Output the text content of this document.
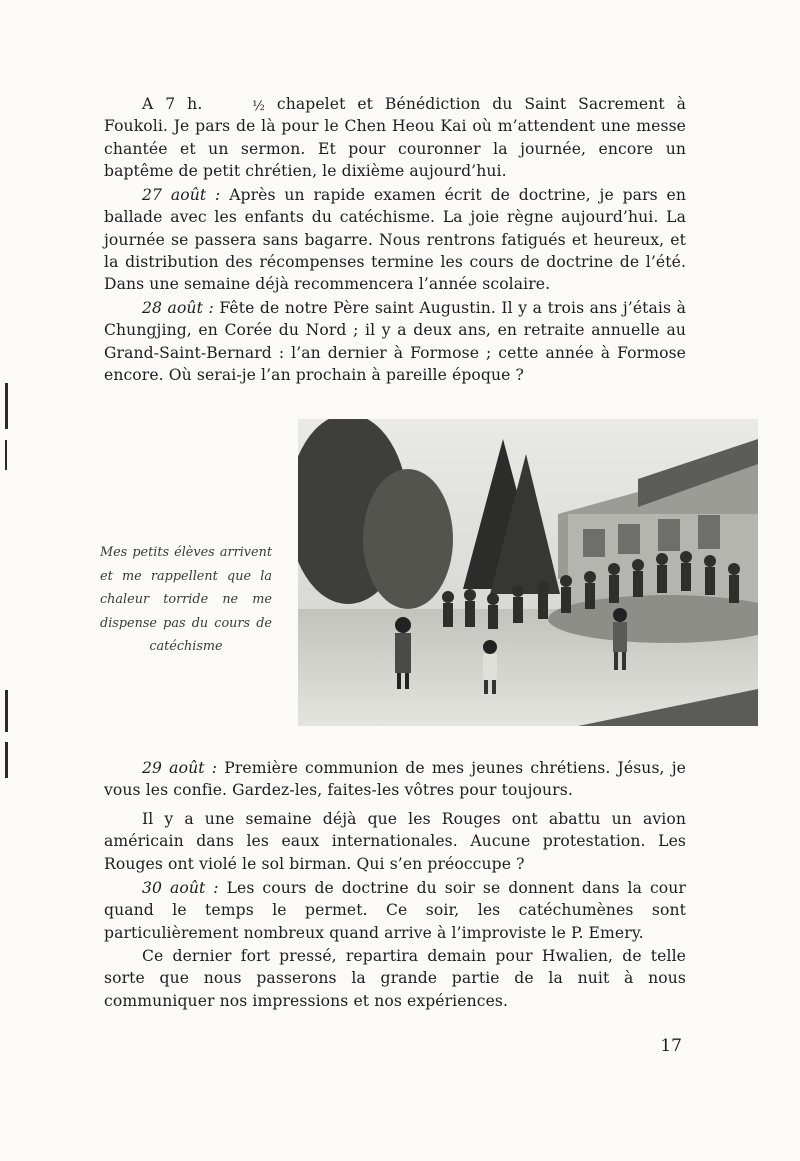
A 7 h.	½ chapelet et Bénédiction du Saint Sacrement à Foukoli. Je pars de là pour le Chen Heou Kai où m’attendent une messe chantée et un sermon. Et pour couronner la journée, encore un baptême de petit chrétien, le dixième aujourd’hui.

27 août : Après un rapide examen écrit de doctrine, je pars en ballade avec les enfants du catéchisme. La joie règne aujourd’hui. La journée se passera sans bagarre. Nous rentrons fatigués et heureux, et la distribution des récompenses termine les cours de doctrine de l’été. Dans une semaine déjà recommencera l’année scolaire.

28 août : Fête de notre Père saint Augustin. Il y a trois ans j’étais à Chungjing, en Corée du Nord ; il y a deux ans, en retraite annuelle au Grand-Saint-Bernard : l’an dernier à Formose ; cette année à Formose encore. Où serai-je l’an prochain à pareille époque ?

Mes petits élèves arrivent et me rappellent que la chaleur torride ne me dispense pas du cours de catéchisme

29 août : Première communion de mes jeunes chrétiens. Jésus, je vous les confie. Gardez-les, faites-les vôtres pour toujours.

Il y a une semaine déjà que les Rouges ont abattu un avion américain dans les eaux internationales. Aucune protestation. Les Rouges ont violé le sol birman. Qui s’en préoccupe ?

30 août : Les cours de doctrine du soir se donnent dans la cour quand le temps le permet. Ce soir, les catéchumènes sont particulièrement nombreux quand arrive à l’improviste le P. Emery.

Ce dernier fort pressé, repartira demain pour Hwalien, de telle sorte que nous passerons la grande partie de la nuit à nous communiquer nos impressions et nos expériences.

17
